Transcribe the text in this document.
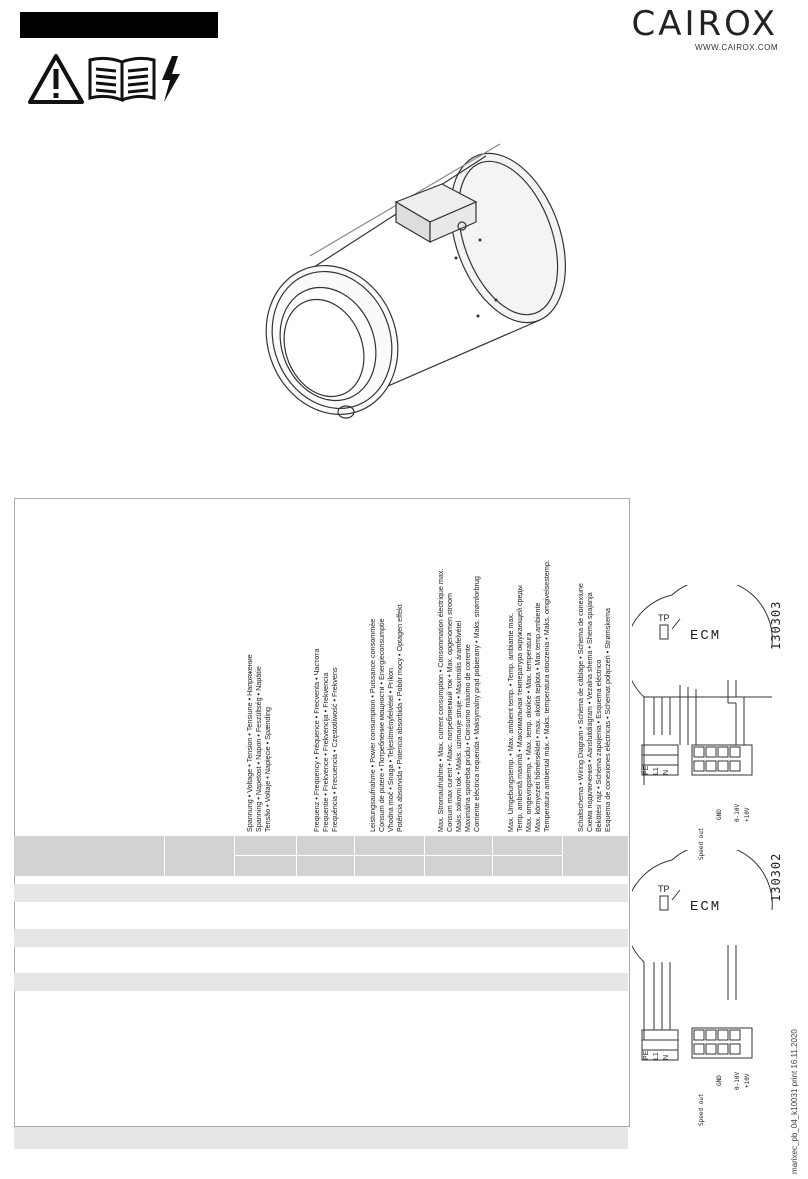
CAIROX
WWW.CAIROX.COM
Spannung • Voltage • Tension • Tensiune • Напряжение Spanning • Napetost • Napon • Feszültség • Napätie Tensão • Voltaje • Napięcie • Spænding	Frequenz • Frequency • Fréquence • Frecventa • Частота Frequentie • Frekvence • Frekvencija • Frekvencia Frequência • Frecuencia • Częstotliwość • Frekvens	Leistungsaufnahme • Power consumption • Puissance consommée Consum de putere • Потребление мощности • Energieconsumptie Vhodna moč • Snaga • Teljesítményfelvétel • Príkon Potência absorvida • Potencia absorbida • Pobór mocy • Optagen effekt	Max. Stromaufnahme • Max. current consumption • Consommation électrique max. Consum max curent • Макс. потребляемый ток • Max. opgenomen stroom Maks. tokovni tok • Maks. uzimanje struje • Maximális áramfelvétel Maximálna spotreba prúdu • Consumo máximo de corrente Corriente eléctrica requerida • Maksymalny prąd pobierany • Maks. strømforbrug	Max. Umgebungstemp. • Max. ambient temp. • Temp. ambiante max. Temp. ambientă maximă • Максимальная температура окружающей среды Max. omgevingstemp. • Max. temp. okolice • Max. temperatura Max. környezeti hőmérséklet • max. okolitá teplota • Max temp.ambiente Temperatura ambiental máx. • Maks. temperatura otoczenia • Maks. omgivelsestemp.	Schaltschema • Wiring Diagram • Schéma de câblage • Schema de conexiune Схема подключения • Aansluitdiagram • Vezalna shema • Shema spajanja Bekötési rajz • Schéma zapojenia • Esquema eléctrico Esquema de conexiones eléctricas • Schemat połączeń • Strømskema	ECM
TP	130303
PE L1 N
Speed out
GND 0-10V +10V
ECM
TP	130302
PE L1 N
Speed out
GND 0-10V +10V	marixec_pb_04_k10031 print 16.11.2020
